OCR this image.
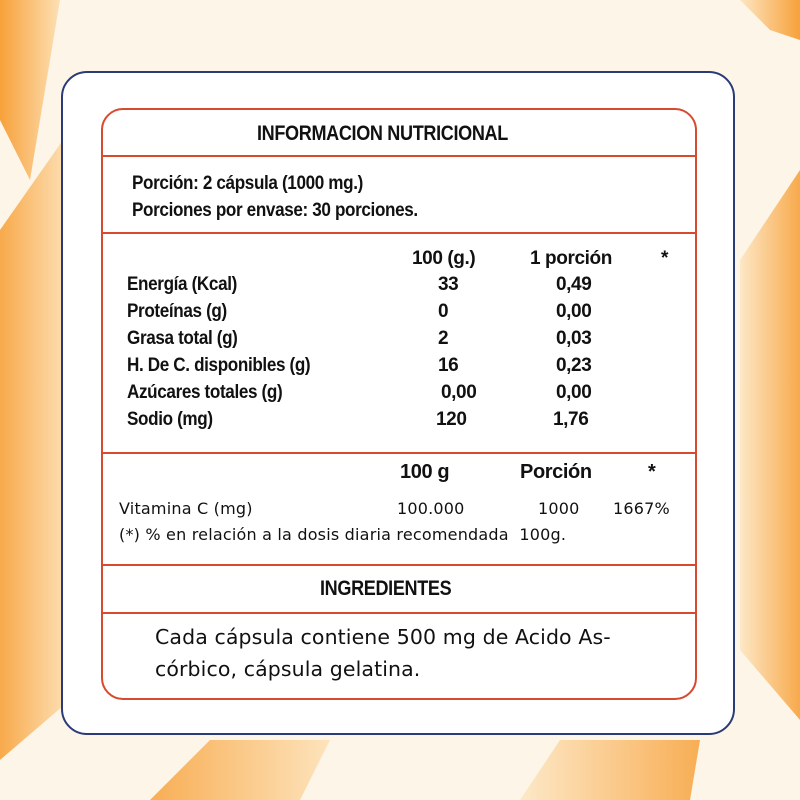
INFORMACION NUTRICIONAL
Porción: 2 cápsula (1000 mg.)
Porciones por envase: 30 porciones.
100 (g.)	1 porción	*
Energía (Kcal)	33	0,49
Proteínas (g)	0	0,00
Grasa total (g)	2	0,03
H. De C. disponibles (g)	16	0,23
Azúcares totales (g)	0,00	0,00
Sodio (mg)	120	1,76
100 g	Porción	*
Vitamina C (mg)	100.000	1000 1667%
(*) % en relación a la dosis diaria recomendada  100g.
INGREDIENTES
Cada cápsula contiene 500 mg de Acido As-
córbico, cápsula gelatina.
